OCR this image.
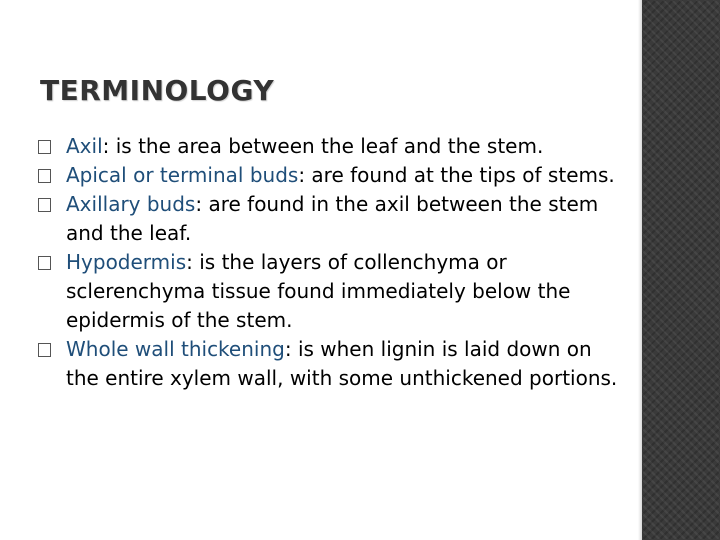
TERMINOLOGY
Axil: is the area between the leaf and the stem.
Apical or terminal buds: are found at the tips of stems.
Axillary buds: are found in the axil between the stem and the leaf.
Hypodermis: is the layers of collenchyma or sclerenchyma tissue found immediately below the epidermis of the stem.
Whole wall thickening: is when lignin is laid down on the entire xylem wall, with some unthickened portions.
